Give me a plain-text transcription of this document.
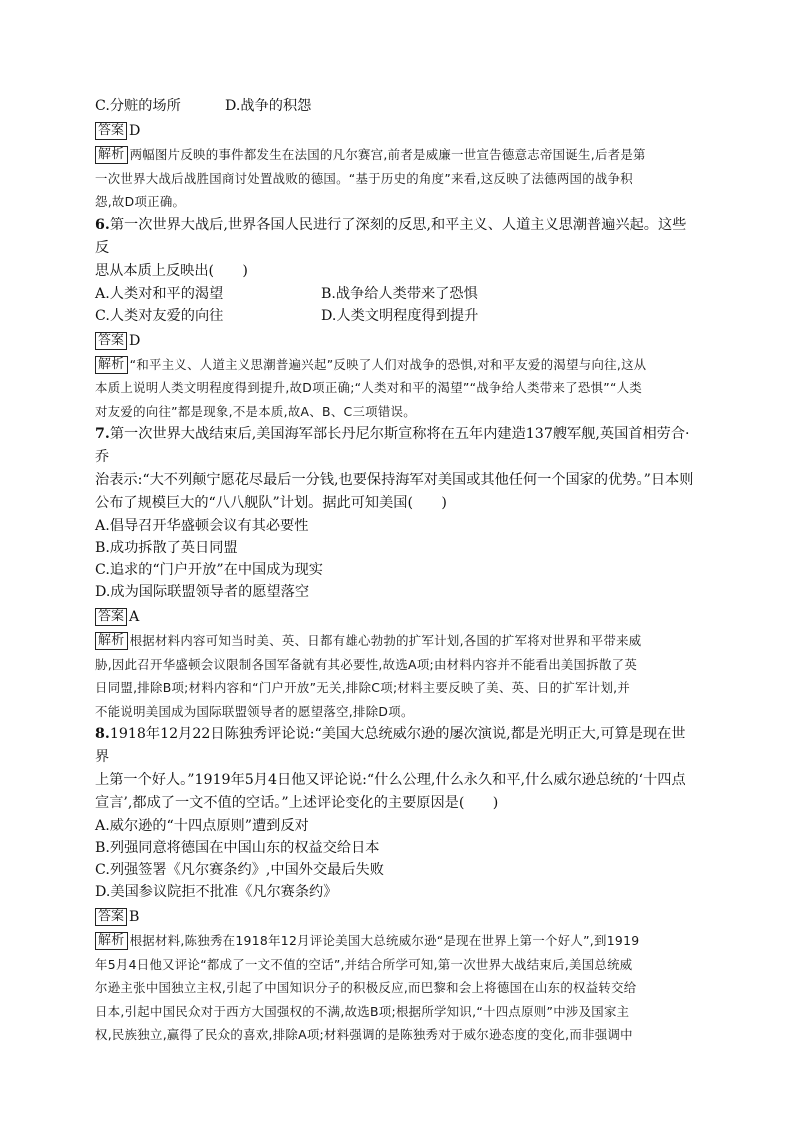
C.分赃的场所	D.战争的积怨
答案 D
解析 两幅图片反映的事件都发生在法国的凡尔赛宫,前者是威廉一世宣告德意志帝国诞生,后者是第
一次世界大战后战胜国商讨处置战败的德国。“基于历史的角度”来看,这反映了法德两国的战争积
怨,故D项正确。
6.第一次世界大战后,世界各国人民进行了深刻的反思,和平主义、人道主义思潮普遍兴起。这些反
思从本质上反映出(　　)
A.人类对和平的渴望	B.战争给人类带来了恐惧
C.人类对友爱的向往	D.人类文明程度得到提升
答案 D
解析 “和平主义、人道主义思潮普遍兴起”反映了人们对战争的恐惧,对和平友爱的渴望与向往,这从
本质上说明人类文明程度得到提升,故D项正确;“人类对和平的渴望”“战争给人类带来了恐惧”“人类
对友爱的向往”都是现象,不是本质,故A、B、C三项错误。
7.第一次世界大战结束后,美国海军部长丹尼尔斯宣称将在五年内建造137艘军舰,英国首相劳合·乔
治表示:“大不列颠宁愿花尽最后一分钱,也要保持海军对美国或其他任何一个国家的优势。”日本则
公布了规模巨大的“八八舰队”计划。据此可知美国(　　)
A.倡导召开华盛顿会议有其必要性
B.成功拆散了英日同盟
C.追求的“门户开放”在中国成为现实
D.成为国际联盟领导者的愿望落空
答案 A
解析 根据材料内容可知当时美、英、日都有雄心勃勃的扩军计划,各国的扩军将对世界和平带来威
胁,因此召开华盛顿会议限制各国军备就有其必要性,故选A项;由材料内容并不能看出美国拆散了英
日同盟,排除B项;材料内容和“门户开放”无关,排除C项;材料主要反映了美、英、日的扩军计划,并
不能说明美国成为国际联盟领导者的愿望落空,排除D项。
8.1918年12月22日陈独秀评论说:“美国大总统威尔逊的屡次演说,都是光明正大,可算是现在世界
上第一个好人。”1919年5月4日他又评论说:“什么公理,什么永久和平,什么威尔逊总统的‘十四点
宣言’,都成了一文不值的空话。”上述评论变化的主要原因是(　　)
A.威尔逊的“十四点原则”遭到反对
B.列强同意将德国在中国山东的权益交给日本
C.列强签署《凡尔赛条约》,中国外交最后失败
D.美国参议院拒不批准《凡尔赛条约》
答案 B
解析 根据材料,陈独秀在1918年12月评论美国大总统威尔逊“是现在世界上第一个好人”,到1919
年5月4日他又评论“都成了一文不值的空话”,并结合所学可知,第一次世界大战结束后,美国总统威
尔逊主张中国独立主权,引起了中国知识分子的积极反应,而巴黎和会上将德国在山东的权益转交给
日本,引起中国民众对于西方大国强权的不满,故选B项;根据所学知识,“十四点原则”中涉及国家主
权,民族独立,赢得了民众的喜欢,排除A项;材料强调的是陈独秀对于威尔逊态度的变化,而非强调中
